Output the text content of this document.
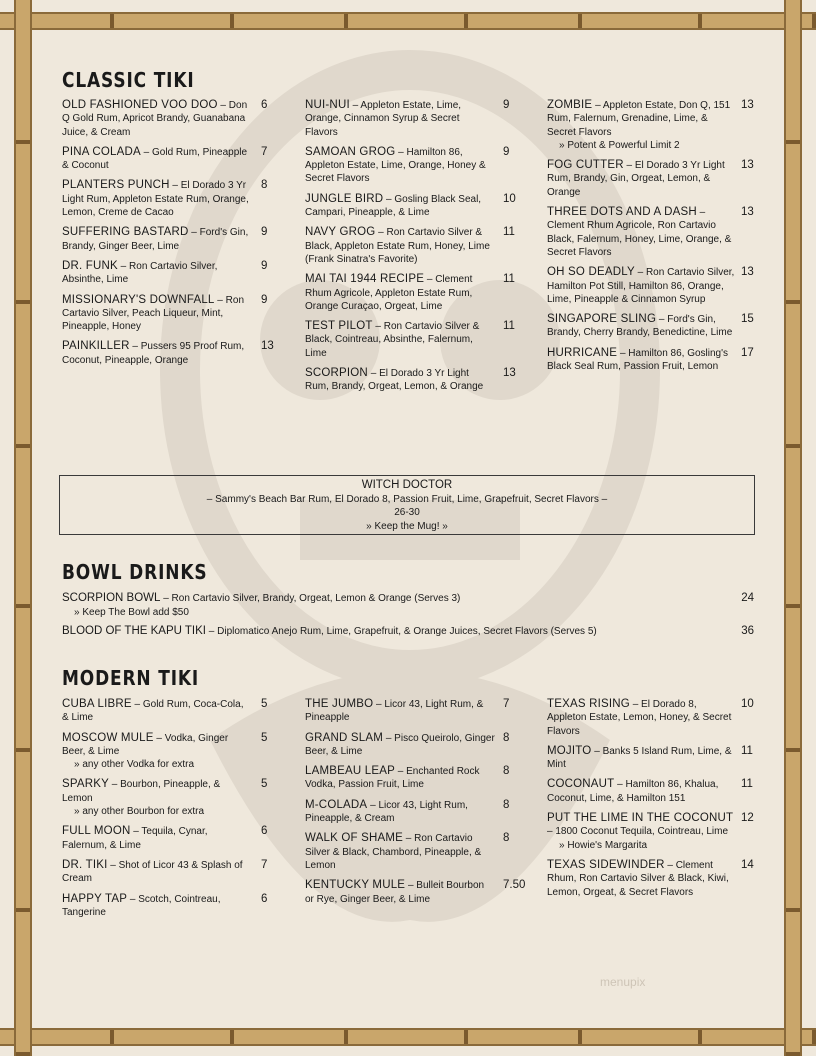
menupix
CLASSIC TIKI
OLD FASHIONED VOO DOO – Don Q Gold Rum, Apricot Brandy, Guanabana Juice, & Cream
6
PINA COLADA – Gold Rum, Pineapple & Coconut
7
PLANTERS PUNCH – El Dorado 3 Yr Light Rum, Appleton Estate Rum, Orange, Lemon, Creme de Cacao
8
SUFFERING BASTARD – Ford's Gin, Brandy, Ginger Beer, Lime
9
DR. FUNK – Ron Cartavio Silver, Absinthe, Lime
9
MISSIONARY'S DOWNFALL – Ron Cartavio Silver, Peach Liqueur, Mint, Pineapple, Honey
9
PAINKILLER – Pussers 95 Proof Rum, Coconut, Pineapple, Orange
13
NUI-NUI – Appleton Estate, Lime, Orange, Cinnamon Syrup & Secret Flavors
9
SAMOAN GROG – Hamilton 86, Appleton Estate, Lime, Orange, Honey & Secret Flavors
9
JUNGLE BIRD – Gosling Black Seal, Campari, Pineapple, & Lime
10
NAVY GROG – Ron Cartavio Silver & Black, Appleton Estate Rum, Honey, Lime (Frank Sinatra's Favorite)
11
MAI TAI 1944 RECIPE – Clement Rhum Agricole, Appleton Estate Rum, Orange Curaçao, Orgeat, Lime
11
TEST PILOT – Ron Cartavio Silver & Black, Cointreau, Absinthe, Falernum, Lime
11
SCORPION – El Dorado 3 Yr Light Rum, Brandy, Orgeat, Lemon, & Orange
13
ZOMBIE – Appleton Estate, Don Q, 151 Rum, Falernum, Grenadine, Lime, & Secret Flavors
» Potent & Powerful Limit 2
13
FOG CUTTER – El Dorado 3 Yr Light Rum, Brandy, Gin, Orgeat, Lemon, & Orange
13
THREE DOTS AND A DASH – Clement Rhum Agricole, Ron Cartavio Black, Falernum, Honey, Lime, Orange, & Secret Flavors
13
OH SO DEADLY – Ron Cartavio Silver, Hamilton Pot Still, Hamilton 86, Orange, Lime, Pineapple & Cinnamon Syrup
13
SINGAPORE SLING – Ford's Gin, Brandy, Cherry Brandy, Benedictine, Lime
15
HURRICANE – Hamilton 86, Gosling's Black Seal Rum, Passion Fruit, Lemon
17
WITCH DOCTOR
– Sammy's Beach Bar Rum, El Dorado 8, Passion Fruit, Lime, Grapefruit, Secret Flavors –
26-30
» Keep the Mug! »
BOWL DRINKS
SCORPION BOWL – Ron Cartavio Silver, Brandy, Orgeat, Lemon & Orange (Serves 3)	24
» Keep The Bowl add $50
BLOOD OF THE KAPU TIKI – Diplomatico Anejo Rum, Lime, Grapefruit, & Orange Juices, Secret Flavors (Serves 5)	36
MODERN TIKI
CUBA LIBRE – Gold Rum, Coca-Cola, & Lime
5
MOSCOW MULE – Vodka, Ginger Beer, & Lime
» any other Vodka for extra
5
SPARKY – Bourbon, Pineapple, & Lemon
» any other Bourbon for extra
5
FULL MOON – Tequila, Cynar, Falernum, & Lime
6
DR. TIKI – Shot of Licor 43 & Splash of Cream
7
HAPPY TAP – Scotch, Cointreau, Tangerine
6
THE JUMBO – Licor 43, Light Rum, & Pineapple
7
GRAND SLAM – Pisco Queirolo, Ginger Beer, & Lime
8
LAMBEAU LEAP – Enchanted Rock Vodka, Passion Fruit, Lime
8
M-COLADA – Licor 43, Light Rum, Pineapple, & Cream
8
WALK OF SHAME – Ron Cartavio Silver & Black, Chambord, Pineapple, & Lemon
8
KENTUCKY MULE – Bulleit Bourbon or Rye, Ginger Beer, & Lime
7.50
TEXAS RISING – El Dorado 8, Appleton Estate, Lemon, Honey, & Secret Flavors
10
MOJITO – Banks 5 Island Rum, Lime, & Mint
11
COCONAUT – Hamilton 86, Khalua, Coconut, Lime, & Hamilton 151
11
PUT THE LIME IN THE COCONUT – 1800 Coconut Tequila, Cointreau, Lime
» Howie's Margarita
12
TEXAS SIDEWINDER – Clement Rhum, Ron Cartavio Silver & Black, Kiwi, Lemon, Orgeat, & Secret Flavors
14
